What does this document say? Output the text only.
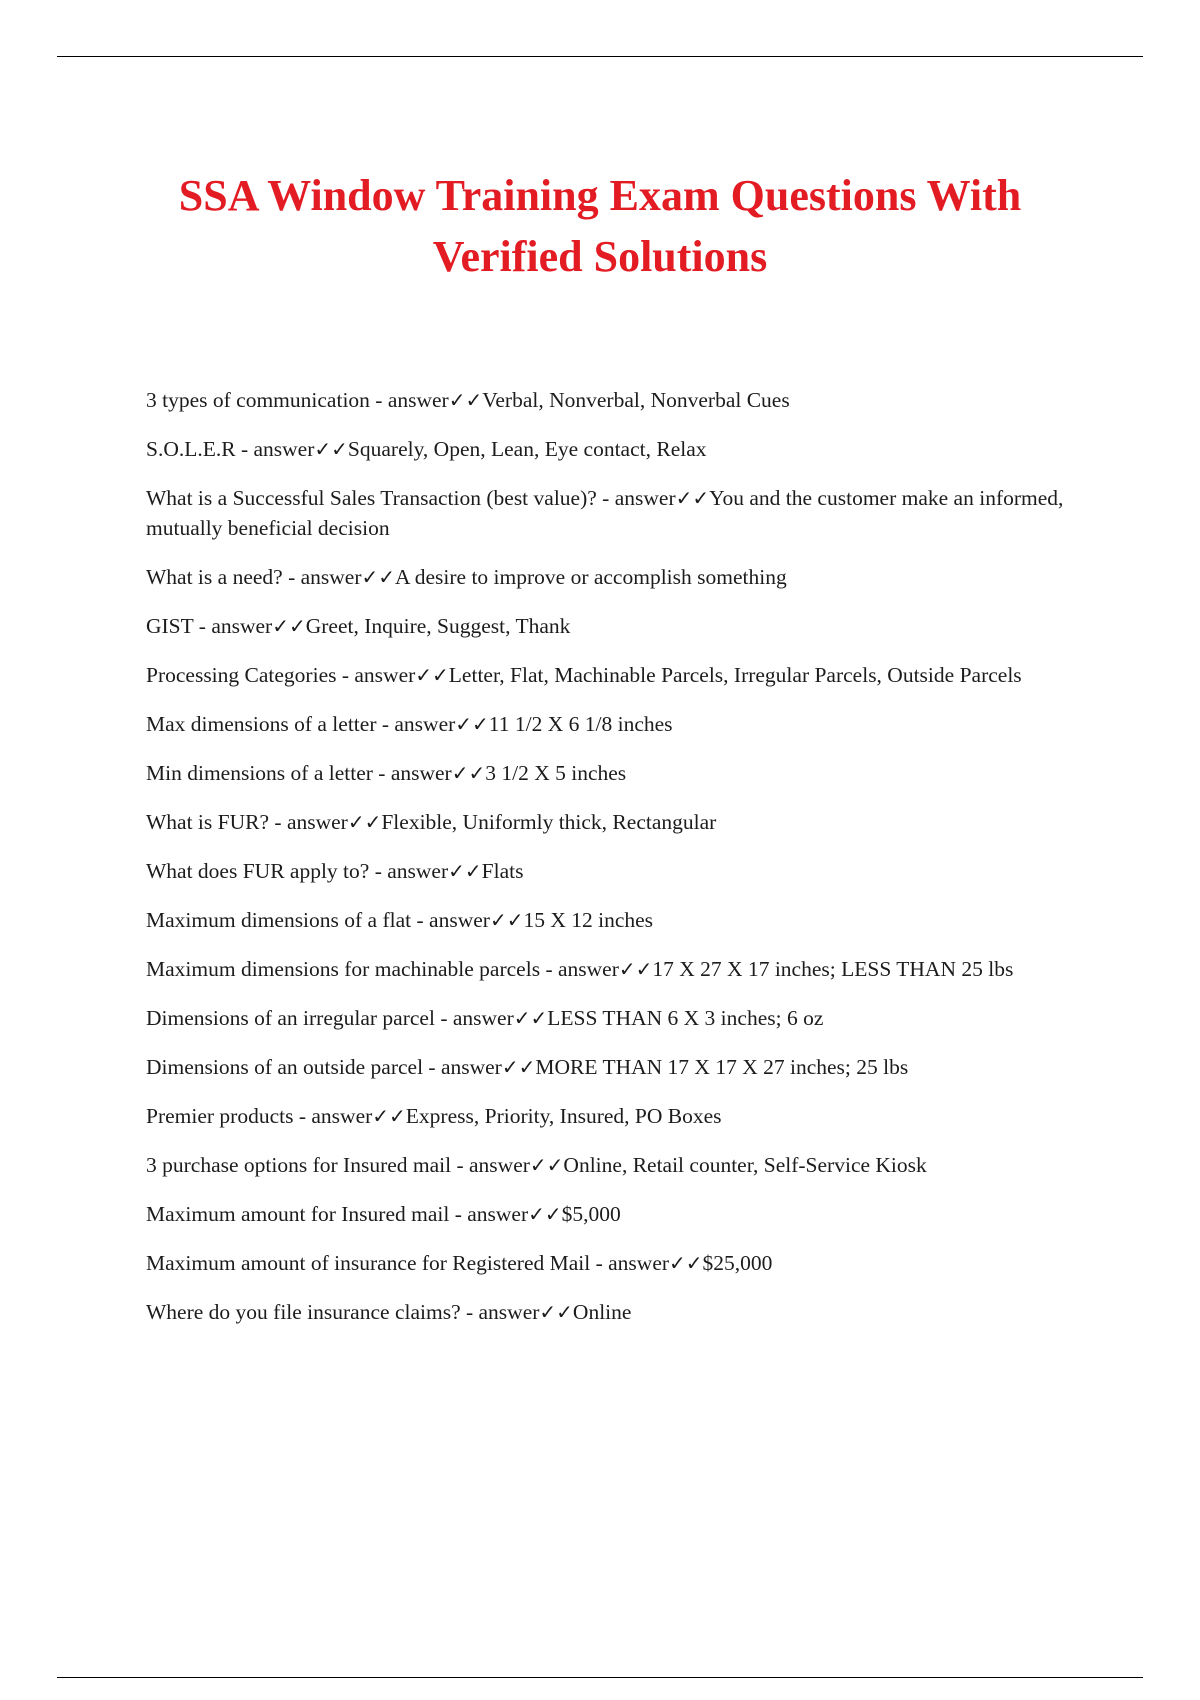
SSA Window Training Exam Questions With Verified Solutions
3 types of communication - answer✓✓Verbal, Nonverbal, Nonverbal Cues
S.O.L.E.R - answer✓✓Squarely, Open, Lean, Eye contact, Relax
What is a Successful Sales Transaction (best value)? - answer✓✓You and the customer make an informed, mutually beneficial decision
What is a need? - answer✓✓A desire to improve or accomplish something
GIST - answer✓✓Greet, Inquire, Suggest, Thank
Processing Categories - answer✓✓Letter, Flat, Machinable Parcels, Irregular Parcels, Outside Parcels
Max dimensions of a letter - answer✓✓11 1/2 X 6 1/8 inches
Min dimensions of a letter - answer✓✓3 1/2 X 5 inches
What is FUR? - answer✓✓Flexible, Uniformly thick, Rectangular
What does FUR apply to? - answer✓✓Flats
Maximum dimensions of a flat - answer✓✓15 X 12 inches
Maximum dimensions for machinable parcels - answer✓✓17 X 27 X 17 inches; LESS THAN 25 lbs
Dimensions of an irregular parcel - answer✓✓LESS THAN 6 X 3 inches; 6 oz
Dimensions of an outside parcel - answer✓✓MORE THAN 17 X 17 X 27 inches; 25 lbs
Premier products - answer✓✓Express, Priority, Insured, PO Boxes
3 purchase options for Insured mail - answer✓✓Online, Retail counter, Self-Service Kiosk
Maximum amount for Insured mail - answer✓✓$5,000
Maximum amount of insurance for Registered Mail - answer✓✓$25,000
Where do you file insurance claims? - answer✓✓Online
